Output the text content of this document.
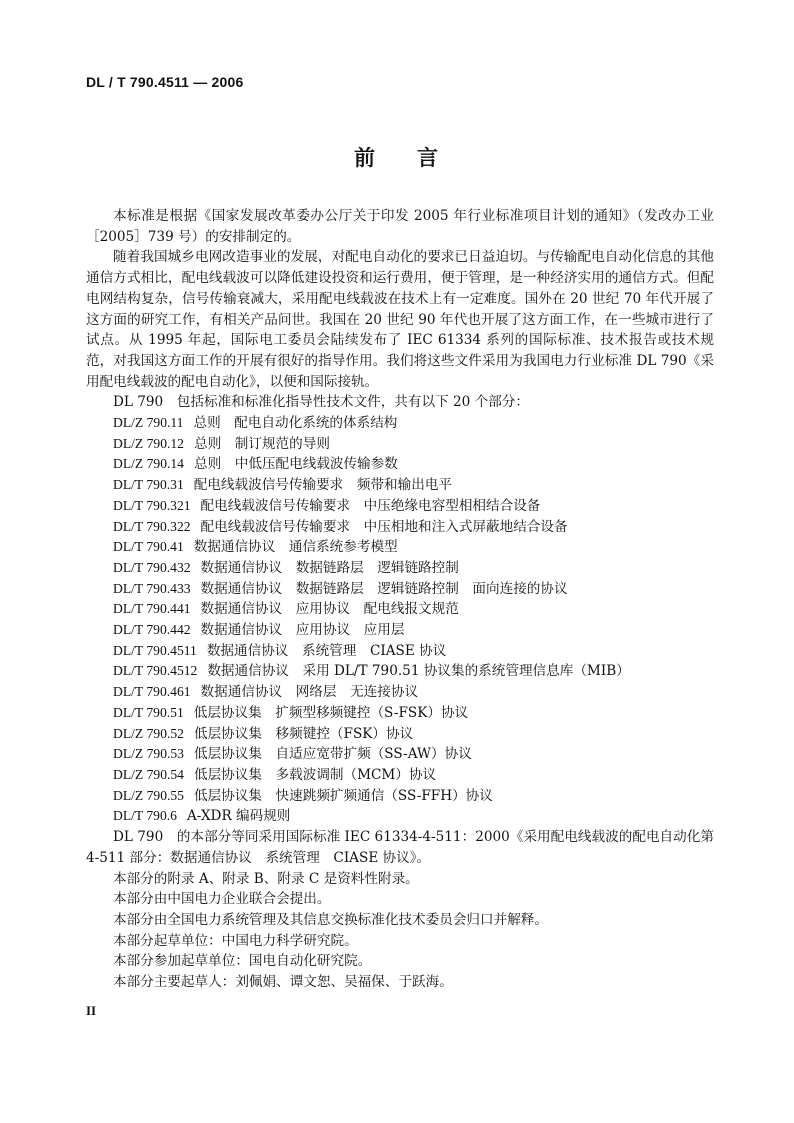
DL / T 790.4511 — 2006
前 言

本标准是根据《国家发展改革委办公厅关于印发 2005 年行业标准项目计划的通知》（发改办工业［2005］739 号）的安排制定的。

随着我国城乡电网改造事业的发展，对配电自动化的要求已日益迫切。与传输配电自动化信息的其他通信方式相比，配电线载波可以降低建设投资和运行费用，便于管理，是一种经济实用的通信方式。但配电网结构复杂，信号传输衰减大，采用配电线载波在技术上有一定难度。国外在 20 世纪 70 年代开展了这方面的研究工作，有相关产品问世。我国在 20 世纪 90 年代也开展了这方面工作，在一些城市进行了试点。从 1995 年起，国际电工委员会陆续发布了 IEC 61334 系列的国际标准、技术报告或技术规范，对我国这方面工作的开展有很好的指导作用。我们将这些文件采用为我国电力行业标准 DL 790《采用配电线载波的配电自动化》，以便和国际接轨。

DL 790　包括标准和标准化指导性技术文件，共有以下 20 个部分：

DL/Z 790.11 总则　配电自动化系统的体系结构
DL/Z 790.12 总则　制订规范的导则
DL/Z 790.14 总则　中低压配电线载波传输参数
DL/T 790.31 配电线载波信号传输要求　频带和输出电平
DL/T 790.321 配电线载波信号传输要求　中压绝缘电容型相相结合设备
DL/T 790.322 配电线载波信号传输要求　中压相地和注入式屏蔽地结合设备
DL/T 790.41 数据通信协议　通信系统参考模型
DL/T 790.432 数据通信协议　数据链路层　逻辑链路控制
DL/T 790.433 数据通信协议　数据链路层　逻辑链路控制　面向连接的协议
DL/T 790.441 数据通信协议　应用协议　配电线报文规范
DL/T 790.442 数据通信协议　应用协议　应用层
DL/T 790.4511 数据通信协议　系统管理　CIASE 协议
DL/T 790.4512 数据通信协议　采用 DL/T 790.51 协议集的系统管理信息库（MIB）
DL/T 790.461 数据通信协议　网络层　无连接协议
DL/T 790.51 低层协议集　扩频型移频键控（S-FSK）协议
DL/Z 790.52 低层协议集　移频键控（FSK）协议
DL/Z 790.53 低层协议集　自适应宽带扩频（SS-AW）协议
DL/Z 790.54 低层协议集　多载波调制（MCM）协议
DL/Z 790.55 低层协议集　快速跳频扩频通信（SS-FFH）协议
DL/T 790.6 A-XDR 编码规则

DL 790　的本部分等同采用国际标准 IEC 61334-4-511：2000《采用配电线载波的配电自动化第 4-511 部分：数据通信协议　系统管理　CIASE 协议》。

本部分的附录 A、附录 B、附录 C 是资料性附录。

本部分由中国电力企业联合会提出。

本部分由全国电力系统管理及其信息交换标准化技术委员会归口并解释。

本部分起草单位：中国电力科学研究院。

本部分参加起草单位：国电自动化研究院。

本部分主要起草人：刘佩娟、谭文恕、吴福保、于跃海。

II
